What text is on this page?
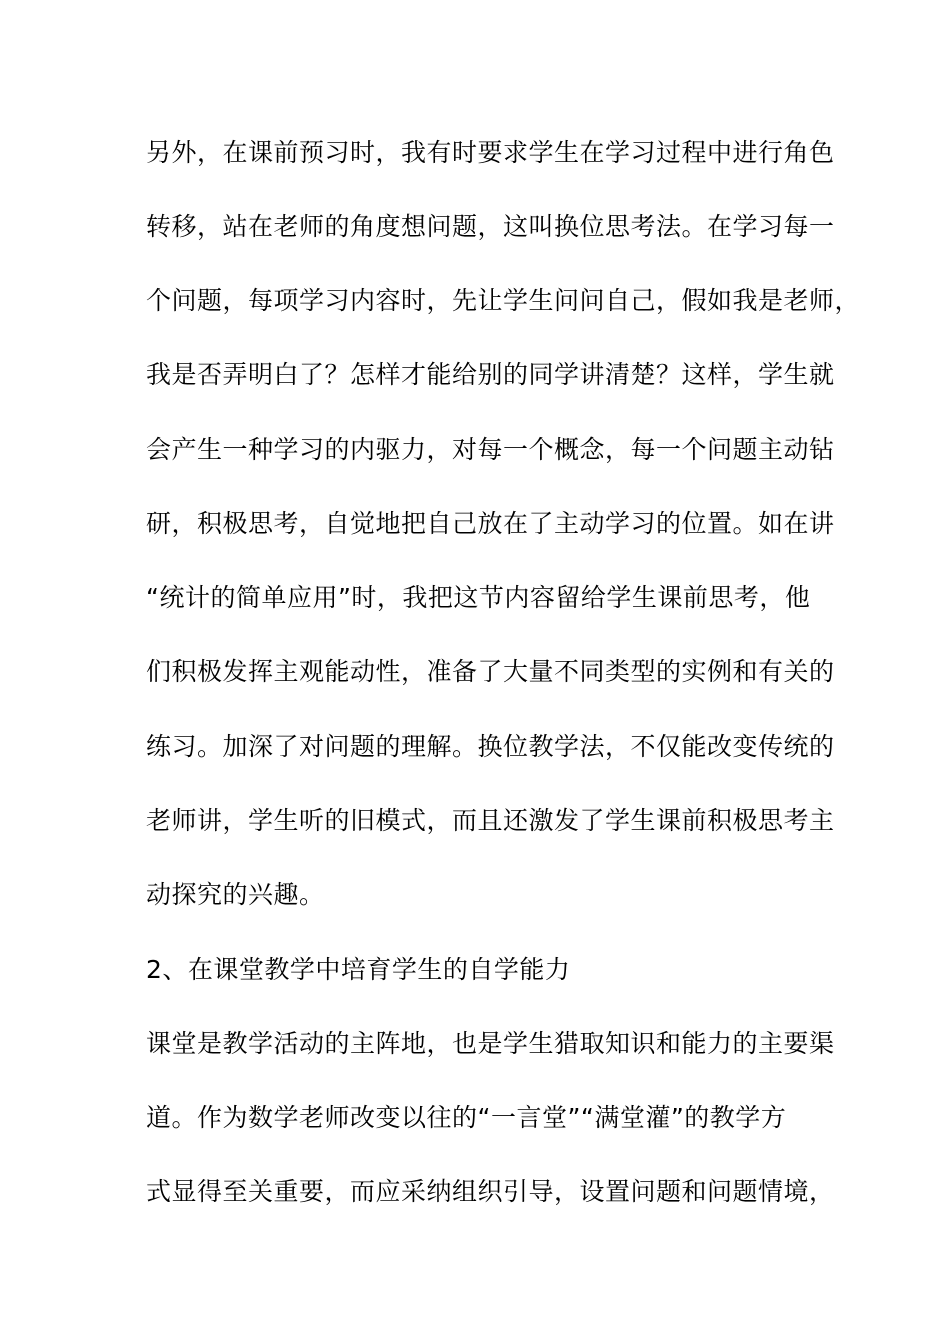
另外，在课前预习时，我有时要求学生在学习过程中进行角色
转移，站在老师的角度想问题，这叫换位思考法。在学习每一
个问题，每项学习内容时，先让学生问问自己，假如我是老师，
我是否弄明白了？怎样才能给别的同学讲清楚？这样，学生就
会产生一种学习的内驱力，对每一个概念，每一个问题主动钻
研，积极思考，自觉地把自己放在了主动学习的位置。如在讲
“统计的简单应用”时，我把这节内容留给学生课前思考，他
们积极发挥主观能动性，准备了大量不同类型的实例和有关的
练习。加深了对问题的理解。换位教学法，不仅能改变传统的
老师讲，学生听的旧模式，而且还激发了学生课前积极思考主
动探究的兴趣。
2、在课堂教学中培育学生的自学能力
课堂是教学活动的主阵地，也是学生猎取知识和能力的主要渠
道。作为数学老师改变以往的“一言堂”“满堂灌”的教学方
式显得至关重要，而应采纳组织引导，设置问题和问题情境，
